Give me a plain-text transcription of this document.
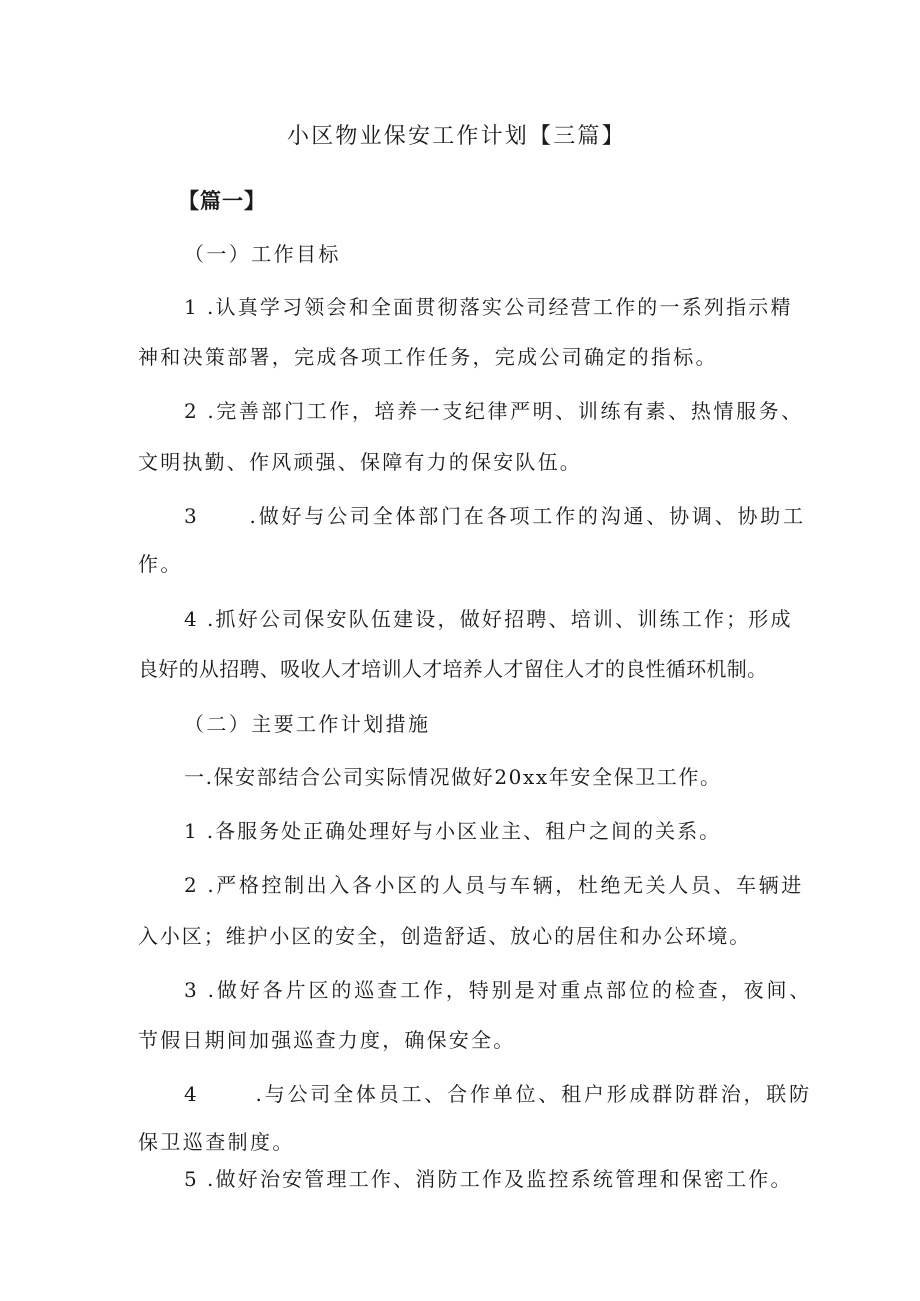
小区物业保安工作计划【三篇】
【篇一】
（一）工作目标
1 .认真学习领会和全面贯彻落实公司经营工作的一系列指示精
神和决策部署，完成各项工作任务，完成公司确定的指标。
2 .完善部门工作，培养一支纪律严明、训练有素、热情服务、
文明执勤、作风顽强、保障有力的保安队伍。
3	.做好与公司全体部门在各项工作的沟通、协调、协助工
作。
4 .抓好公司保安队伍建设，做好招聘、培训、训练工作；形成
良好的从招聘、吸收人才培训人才培养人才留住人才的良性循环机制。
（二）主要工作计划措施
一.保安部结合公司实际情况做好20xx年安全保卫工作。
1 .各服务处正确处理好与小区业主、租户之间的关系。
2 .严格控制出入各小区的人员与车辆，杜绝无关人员、车辆进
入小区；维护小区的安全，创造舒适、放心的居住和办公环境。
3 .做好各片区的巡查工作，特别是对重点部位的检查，夜间、
节假日期间加强巡查力度，确保安全。
4	.与公司全体员工、合作单位、租户形成群防群治，联防
保卫巡查制度。
5 .做好治安管理工作、消防工作及监控系统管理和保密工作。
